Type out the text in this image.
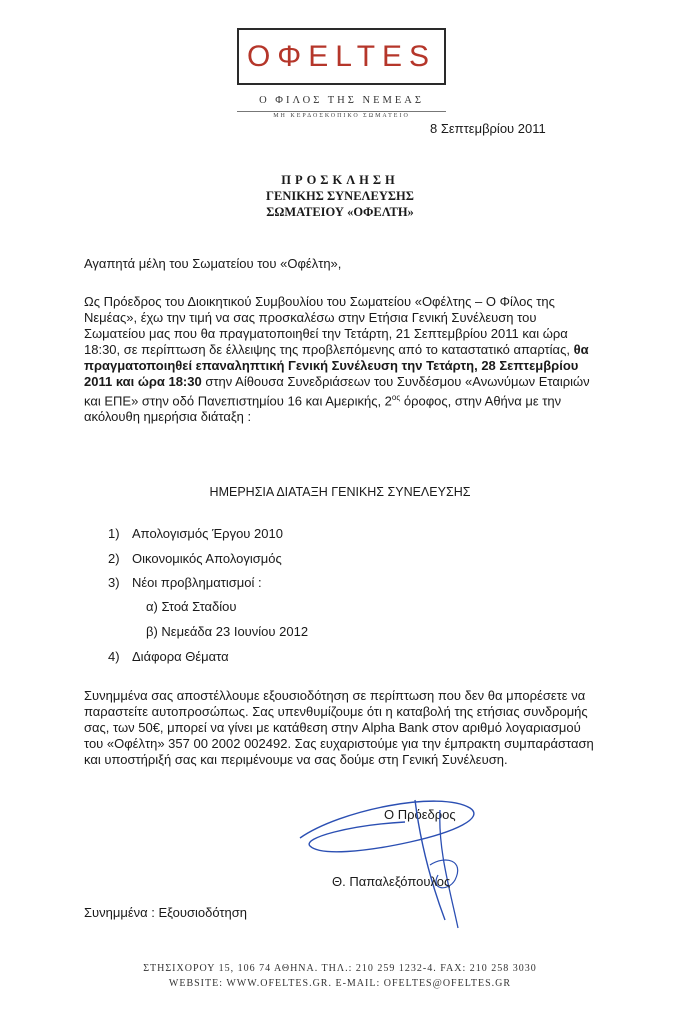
ΟΦΕLTES
Ο ΦΙΛΟΣ ΤΗΣ ΝΕΜΕΑΣ
ΜΗ ΚΕΡΔΟΣΚΟΠΙΚΟ ΣΩΜΑΤΕΙΟ
8 Σεπτεμβρίου 2011
ΠΡΟΣΚΛΗΣΗ
ΓΕΝΙΚΗΣ ΣΥΝΕΛΕΥΣΗΣ
ΣΩΜΑΤΕΙΟΥ «ΟΦΕΛΤΗ»
Αγαπητά μέλη του Σωματείου του «Οφέλτη»,
Ως Πρόεδρος του Διοικητικού Συμβουλίου του Σωματείου «Οφέλτης – Ο Φίλος της Νεμέας», έχω την τιμή να σας προσκαλέσω στην Ετήσια Γενική Συνέλευση του Σωματείου μας που θα πραγματοποιηθεί την Τετάρτη, 21 Σεπτεμβρίου 2011 και ώρα 18:30, σε περίπτωση δε έλλειψης της προβλεπόμενης από το καταστατικό απαρτίας, θα πραγματοποιηθεί επαναληπτική Γενική Συνέλευση την Τετάρτη, 28 Σεπτεμβρίου 2011 και ώρα 18:30 στην Αίθουσα Συνεδριάσεων του Συνδέσμου «Ανωνύμων Εταιριών και ΕΠΕ» στην οδό Πανεπιστημίου 16 και Αμερικής, $2^{o\varsigma}$ όροφος, στην Αθήνα με την ακόλουθη ημερήσια διάταξη :
ΗΜΕΡΗΣΙΑ ΔΙΑΤΑΞΗ ΓΕΝΙΚΗΣ ΣΥΝΕΛΕΥΣΗΣ
1) Απολογισμός Έργου 2010
2) Οικονομικός Απολογισμός
3) Νέοι προβληματισμοί :
α) Στοά Σταδίου
β) Νεμεάδα 23 Ιουνίου 2012
4) Διάφορα Θέματα
Συνημμένα σας αποστέλλουμε εξουσιοδότηση σε περίπτωση που δεν θα μπορέσετε να παραστείτε αυτοπροσώπως. Σας υπενθυμίζουμε ότι η καταβολή της ετήσιας συνδρομής σας, των 50€, μπορεί να γίνει με κατάθεση στην Alpha Bank στον αριθμό λογαριασμού του «Οφέλτη» 357 00 2002 002492. Σας ευχαριστούμε για την έμπρακτη συμπαράσταση και υποστήριξή σας και περιμένουμε να σας δούμε στη Γενική Συνέλευση.
Ο Πρόεδρος
Θ. Παπαλεξόπουλος
Συνημμένα : Εξουσιοδότηση
ΣΤΗΣΙΧΟΡΟΥ 15, 106 74 ΑΘΗΝΑ. ΤΗΛ.: 210 259 1232-4. FAX: 210 258 3030
WEBSITE: WWW.OFELTES.GR. E-MAIL: OFELTES@OFELTES.GR
